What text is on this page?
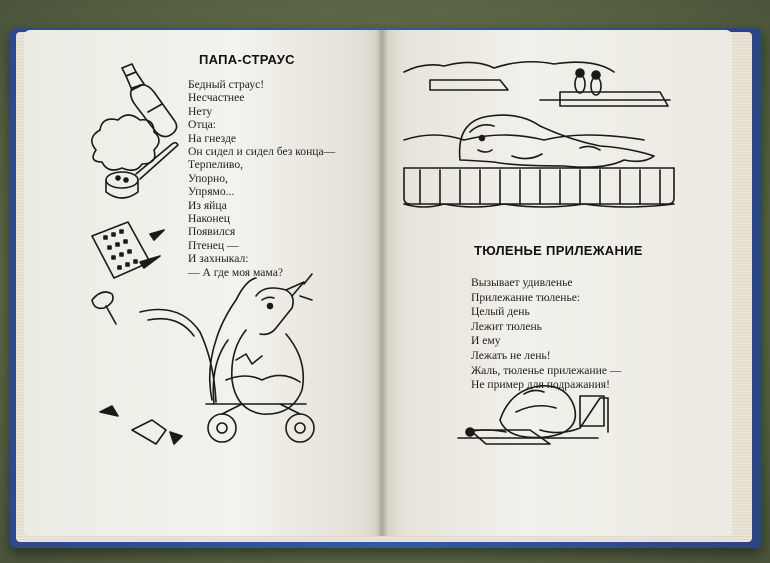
ПАПА-СТРАУС
Бедный страус!
Несчастнее
Нету
Отца:
На гнезде
Он сидел и сидел без конца—
Терпеливо,
Упорно,
Упрямо...
Из яйца
Наконец
Появился
Птенец —
И захныкал:
— А где моя мама?
ТЮЛЕНЬЕ ПРИЛЕЖАНИЕ
Вызывает удивленье
Прилежание тюленье:
Целый день
Лежит тюлень
И ему
Лежать не лень!
Жаль, тюленье прилежание —
Не пример для подражания!
